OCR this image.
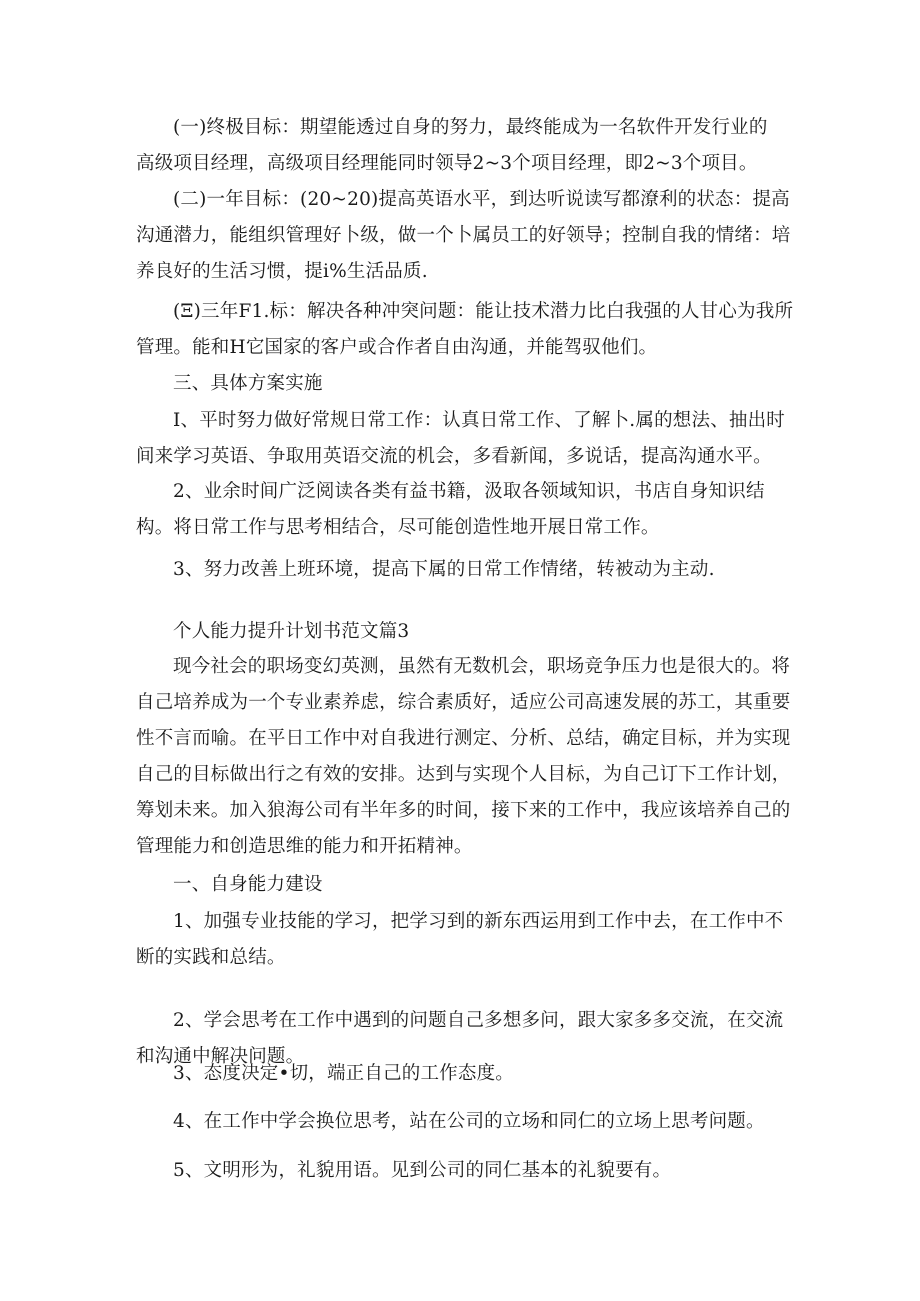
(一)终极目标：期望能透过自身的努力，最终能成为一名软件开发行业的
高级项目经理，高级项目经理能同时领导2~3个项目经理，即2~3个项目。

(二)一年目标：(20~20)提高英语水平，到达听说读写都潦利的状态：提高
沟通潜力，能组织管理好卜级，做一个卜属员工的好领导；控制自我的情绪：培
养良好的生活习惯，提i%生活品质.

(Ξ)三年F1.标：解决各种冲突问题：能让技术潜力比白我强的人甘心为我所
管理。能和H它国家的客户或合作者自由沟通，并能驾驭他们。

三、具体方案实施

I、平时努力做好常规日常工作：认真日常工作、了解卜.属的想法、抽出时
间来学习英语、争取用英语交流的机会，多看新闻，多说话，提高沟通水平。

2、业余时间广泛阅读各类有益书籍，汲取各领域知识，书店自身知识结
构。将日常工作与思考相结合，尽可能创造性地开展日常工作。

3、努力改善上班环境，提高下属的日常工作情绪，转被动为主动.

个人能力提升计划书范文篇3

现今社会的职场变幻英测，虽然有无数机会，职场竞争压力也是很大的。将
自己培养成为一个专业素养虑，综合素质好，适应公司高速发展的苏工，其重要
性不言而喻。在平日工作中对自我进行测定、分析、总结，确定目标，并为实现
自己的目标做出行之有效的安排。达到与实现个人目标，为自己订下工作计划，
筹划未来。加入狼海公司有半年多的时间，接下来的工作中，我应该培养自己的
管理能力和创造思维的能力和开拓精神。

一、自身能力建设

1、加强专业技能的学习，把学习到的新东西运用到工作中去，在工作中不
断的实践和总结。

2、学会思考在工作中遇到的问题自己多想多问，跟大家多多交流，在交流
和沟通中解决问题。

3、态度决定•切，端正自己的工作态度。

4、在工作中学会换位思考，站在公司的立场和同仁的立场上思考问题。

5、文明形为，礼貌用语。见到公司的同仁基本的礼貌要有。
